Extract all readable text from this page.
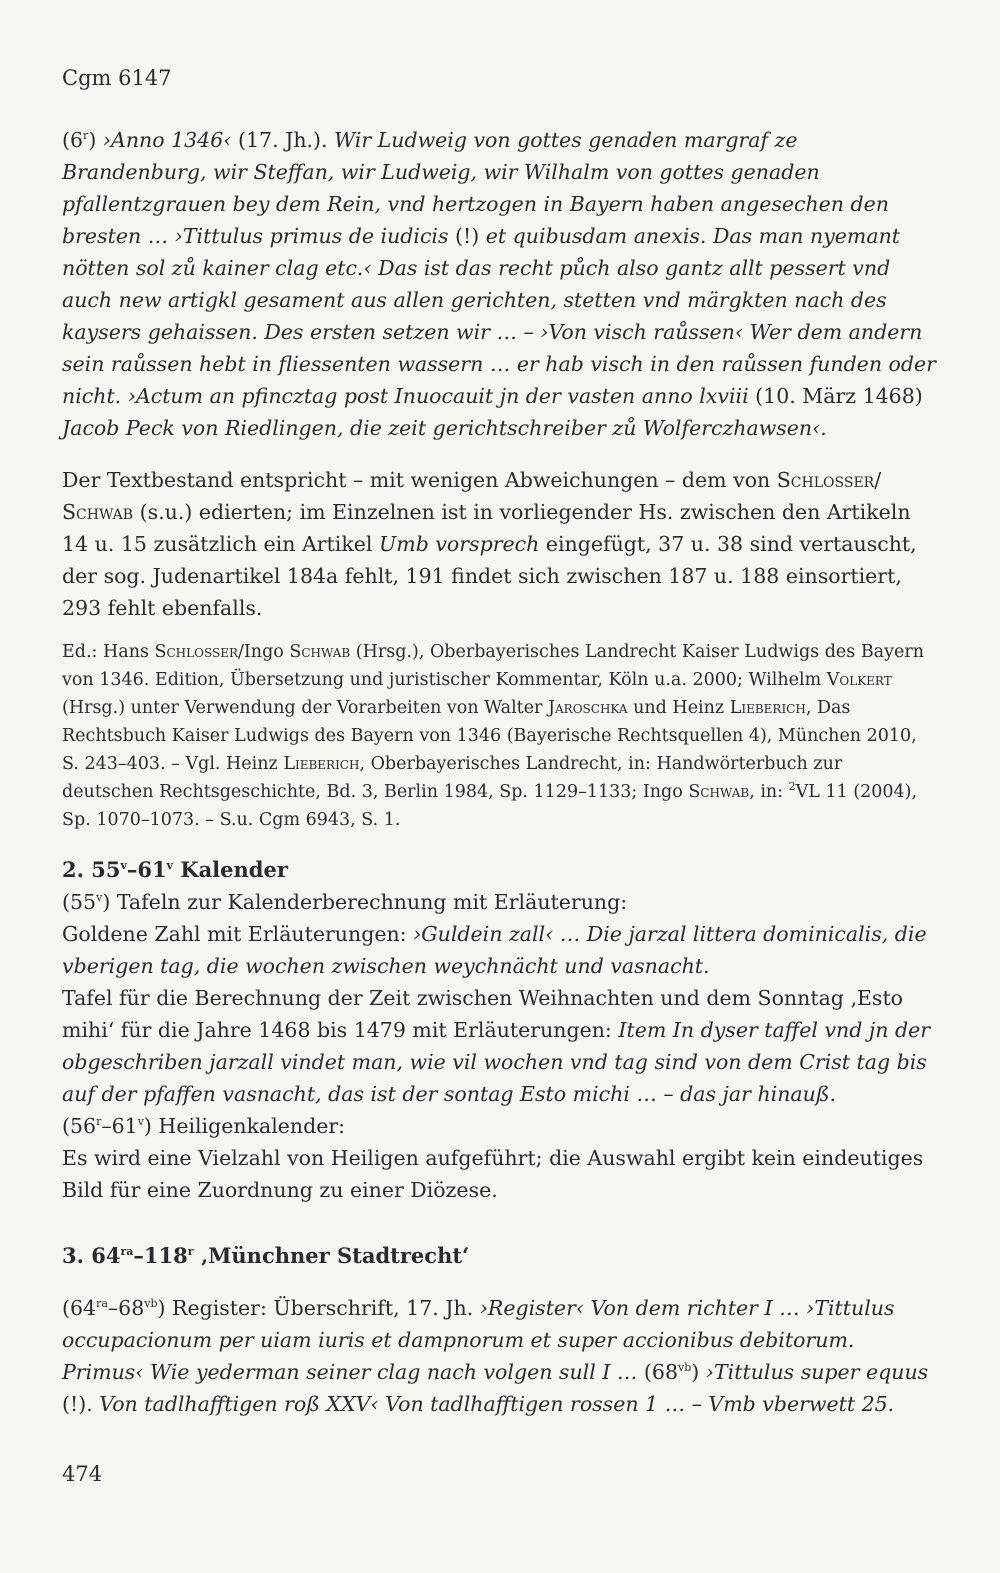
Cgm 6147

(6$^r$) ›Anno 1346‹ (17. Jh.). Wir Ludweig von gottes genaden margraf ze Brandenburg, wir Steffan, wir Ludweig, wir Wilhalm von gottes genaden pfallentzgrauen bey dem Rein, vnd hertzogen in Bayern haben angesechen den bresten … ›Tittulus primus de iudicis (!) et quibusdam anexis. Das man nyemant nötten sol zů kainer clag etc.‹ Das ist das recht půch also gantz allt pessert vnd auch new artigkl gesament aus allen gerichten, stetten vnd märgkten nach des kaysers gehaissen. Des ersten setzen wir … – ›Von visch raůssen‹ Wer dem andern sein raůssen hebt in fliessenten wassern … er hab visch in den raůssen funden oder nicht. ›Actum an pfincztag post Inuocauit jn der vasten anno lxviii (10. März 1468) Jacob Peck von Riedlingen, die zeit gerichtschreiber zů Wolferczhawsen‹.

Der Textbestand entspricht – mit wenigen Abweichungen – dem von Schlosser/ Schwab (s.u.) edierten; im Einzelnen ist in vorliegender Hs. zwischen den Artikeln 14 u. 15 zusätzlich ein Artikel Umb vorsprech eingefügt, 37 u. 38 sind vertauscht, der sog. Judenartikel 184a fehlt, 191 findet sich zwischen 187 u. 188 einsortiert, 293 fehlt ebenfalls.

Ed.: Hans Schlosser/Ingo Schwab (Hrsg.), Oberbayerisches Landrecht Kaiser Ludwigs des Bayern von 1346. Edition, Übersetzung und juristischer Kommentar, Köln u.a. 2000; Wilhelm Volkert (Hrsg.) unter Verwendung der Vorarbeiten von Walter Jaroschka und Heinz Lieberich, Das Rechtsbuch Kaiser Ludwigs des Bayern von 1346 (Bayerische Rechtsquellen 4), München 2010, S. 243–403. – Vgl. Heinz Lieberich, Oberbayerisches Landrecht, in: Handwörterbuch zur deutschen Rechtsgeschichte, Bd. 3, Berlin 1984, Sp. 1129–1133; Ingo Schwab, in: $^2$VL 11 (2004), Sp. 1070–1073. – S.u. Cgm 6943, S. 1.

2. 55$^v$–61$^v$ Kalender

(55$^v$) Tafeln zur Kalenderberechnung mit Erläuterung:

Goldene Zahl mit Erläuterungen: ›Guldein zall‹ … Die jarzal littera dominicalis, die vberigen tag, die wochen zwischen weychnächt und vasnacht.

Tafel für die Berechnung der Zeit zwischen Weihnachten und dem Sonntag ‚Esto mihi‘ für die Jahre 1468 bis 1479 mit Erläuterungen: Item In dyser taffel vnd jn der obgeschriben jarzall vindet man, wie vil wochen vnd tag sind von dem Crist tag bis auf der pfaffen vasnacht, das ist der sontag Esto michi … – das jar hinauß.

(56$^r$–61$^v$) Heiligenkalender:

Es wird eine Vielzahl von Heiligen aufgeführt; die Auswahl ergibt kein eindeutiges Bild für eine Zuordnung zu einer Diözese.

3. $64^{ra}-118^r$ ‚Münchner Stadtrecht‘

$(64^{ra}-68^{vb})$ Register: Überschrift, 17. Jh. ›Register‹ Von dem richter I … ›Tittulus occupacionum per uiam iuris et dampnorum et super accionibus debitorum. Primus‹ Wie yederman seiner clag nach volgen sull I … $(68^{vb})$ ›Tittulus super equus (!). Von tadlhafftigen roß XXV‹ Von tadlhafftigen rossen 1 … – Vmb vberwett 25.

474
